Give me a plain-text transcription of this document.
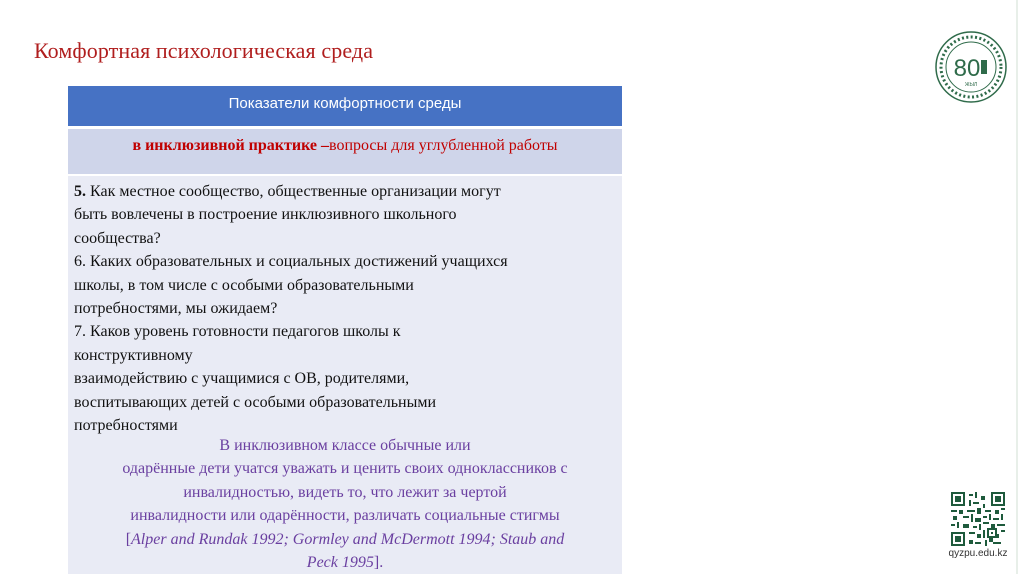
Комфортная психологическая среда
80
ЖЫЛ
Показатели комфортности среды
в инклюзивной практике –вопросы для углубленной работы
5. Как местное сообщество, общественные организации могут
быть вовлечены в построение инклюзивного школьного
сообщества?
6. Каких образовательных и социальных достижений учащихся
школы, в том числе с особыми образовательными
потребностями, мы ожидаем?
7. Каков уровень готовности педагогов школы к
конструктивному
взаимодействию с учащимися с ОВ, родителями,
воспитывающих детей с особыми образовательными
потребностями
В инклюзивном классе обычные или
одарённые дети учатся уважать и ценить своих одноклассников с
инвалидностью, видеть то, что лежит за чертой
инвалидности или одарённости, различать социальные стигмы
[Alper and Rundak 1992; Gormley and McDermott 1994; Staub and
Peck 1995].
qyzpu.edu.kz
